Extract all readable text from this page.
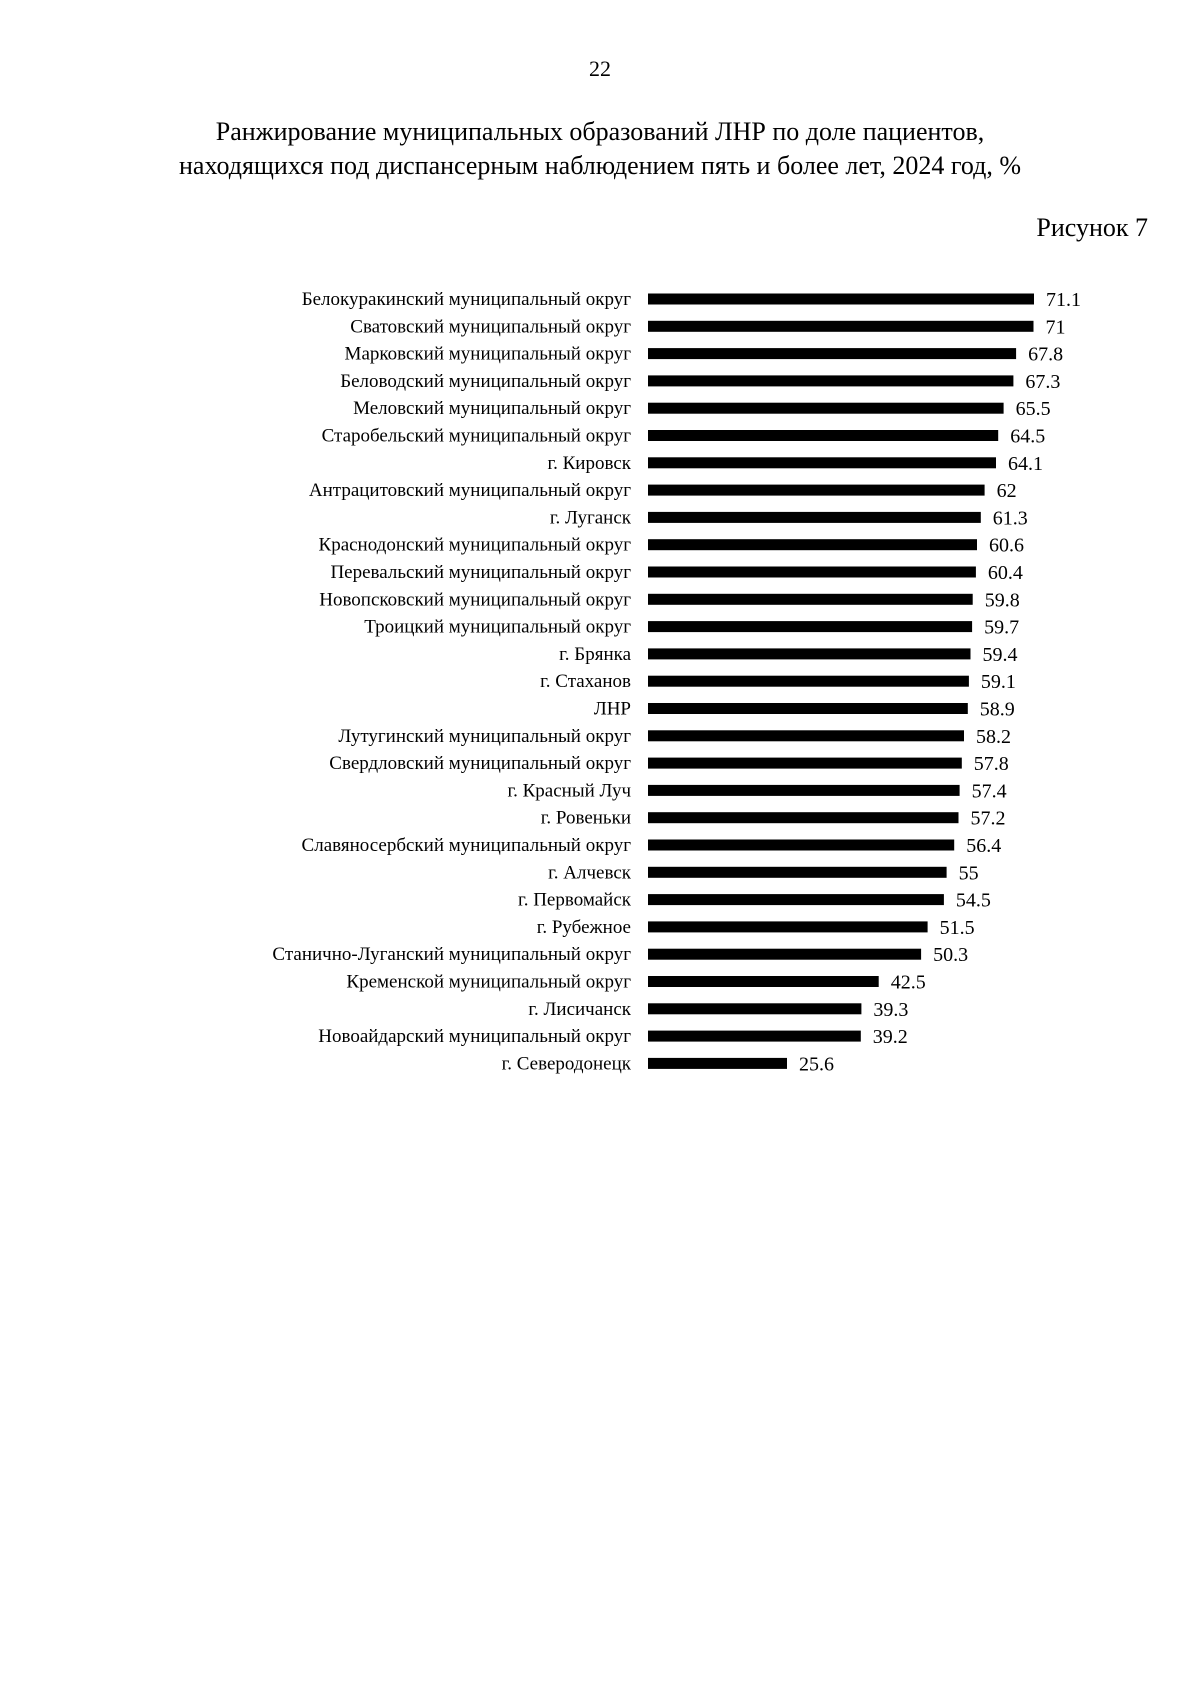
22
Ранжирование муниципальных образований ЛНР по доле пациентов,
находящихся под диспансерным наблюдением пять и более лет, 2024 год, %
Рисунок 7
Белокуракинский муниципальный округ	71.1
Сватовский муниципальный округ	71
Марковский муниципальный округ	67.8
Беловодский муниципальный округ	67.3
Меловский муниципальный округ	65.5
Старобельский муниципальный округ	64.5
г. Кировск	64.1
Антрацитовский муниципальный округ	62
г. Луганск	61.3
Краснодонский муниципальный округ	60.6
Перевальский муниципальный округ	60.4
Новопсковский муниципальный округ	59.8
Троицкий муниципальный округ	59.7
г. Брянка	59.4
г. Стаханов	59.1
ЛНР	58.9
Лутугинский муниципальный округ	58.2
Свердловский муниципальный округ	57.8
г. Красный Луч	57.4
г. Ровеньки	57.2
Славяносербский муниципальный округ	56.4
г. Алчевск	55
г. Первомайск	54.5
г. Рубежное	51.5
Станично-Луганский муниципальный округ	50.3
Кременской муниципальный округ	42.5
г. Лисичанск	39.3
Новоайдарский муниципальный округ	39.2
г. Северодонецк	25.6
